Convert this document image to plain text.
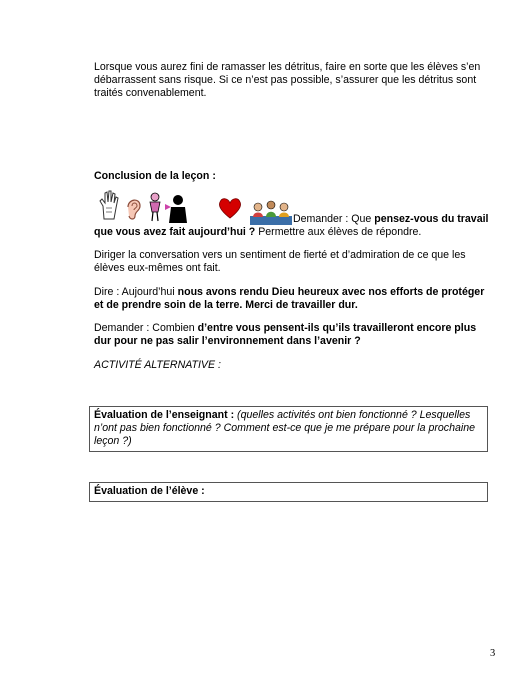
Lorsque vous aurez fini de ramasser les détritus, faire en sorte que les élèves s’en débarrassent sans risque. Si ce n’est pas possible, s’assurer que les détritus sont traités convenablement.

Conclusion de la leçon :

Demander : Que pensez-vous du travail que vous avez fait aujourd’hui ? Permettre aux élèves de répondre.

Diriger la conversation vers un sentiment de fierté et d’admiration de ce que les élèves eux-mêmes ont fait.

Dire : Aujourd’hui nous avons rendu Dieu heureux avec nos efforts de protéger et de prendre soin de la terre. Merci de travailler dur.

Demander : Combien d’entre vous pensent-ils qu’ils travailleront encore plus dur pour ne pas salir l’environnement dans l’avenir ?

ACTIVITÉ ALTERNATIVE :

Évaluation de l’enseignant : (quelles activités ont bien fonctionné ? Lesquelles n’ont pas bien fonctionné ? Comment est-ce que je me prépare pour la prochaine leçon ?)
Évaluation de l’élève :
3
